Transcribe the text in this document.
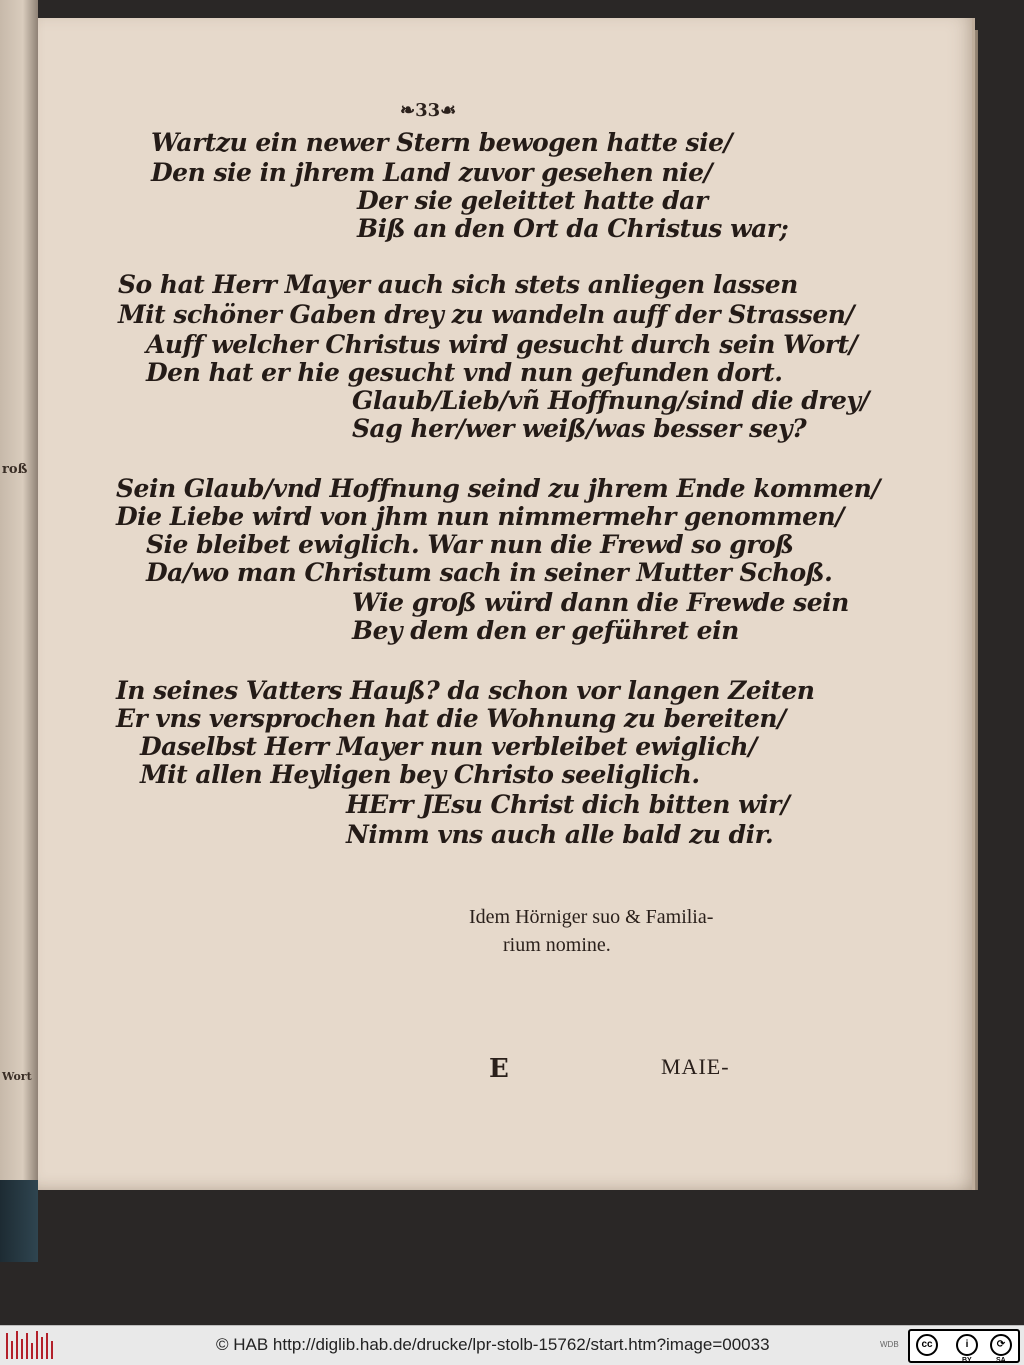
roß
Wort
❧33☙
Wartzu ein newer Stern bewogen hatte sie/
Den sie in jhrem Land zuvor gesehen nie/
Der sie geleittet hatte dar
Biß an den Ort da Christus war;
So hat Herr Mayer auch sich stets anliegen lassen
Mit schöner Gaben drey zu wandeln auff der Strassen/
Auff welcher Christus wird gesucht durch sein Wort/
Den hat er hie gesucht vnd nun gefunden dort.
Glaub/Lieb/vñ Hoffnung/sind die drey/
Sag her/wer weiß/was besser sey?
Sein Glaub/vnd Hoffnung seind zu jhrem Ende kommen/
Die Liebe wird von jhm nun nimmermehr genommen/
Sie bleibet ewiglich. War nun die Frewd so groß
Da/wo man Christum sach in seiner Mutter Schoß.
Wie groß würd dann die Frewde sein
Bey dem den er geführet ein
In seines Vatters Hauß? da schon vor langen Zeiten
Er vns versprochen hat die Wohnung zu bereiten/
Daselbst Herr Mayer nun verbleibet ewiglich/
Mit allen Heyligen bey Christo seeliglich.
HErr JEsu Christ dich bitten wir/
Nimm vns auch alle bald zu dir.
Idem Hörniger suo & Familia-
rium nomine.
E	MAIE-
© HAB http://diglib.hab.de/drucke/lpr-stolb-15762/start.htm?image=00033	WDB	cc	i
BY
⟳
SA
